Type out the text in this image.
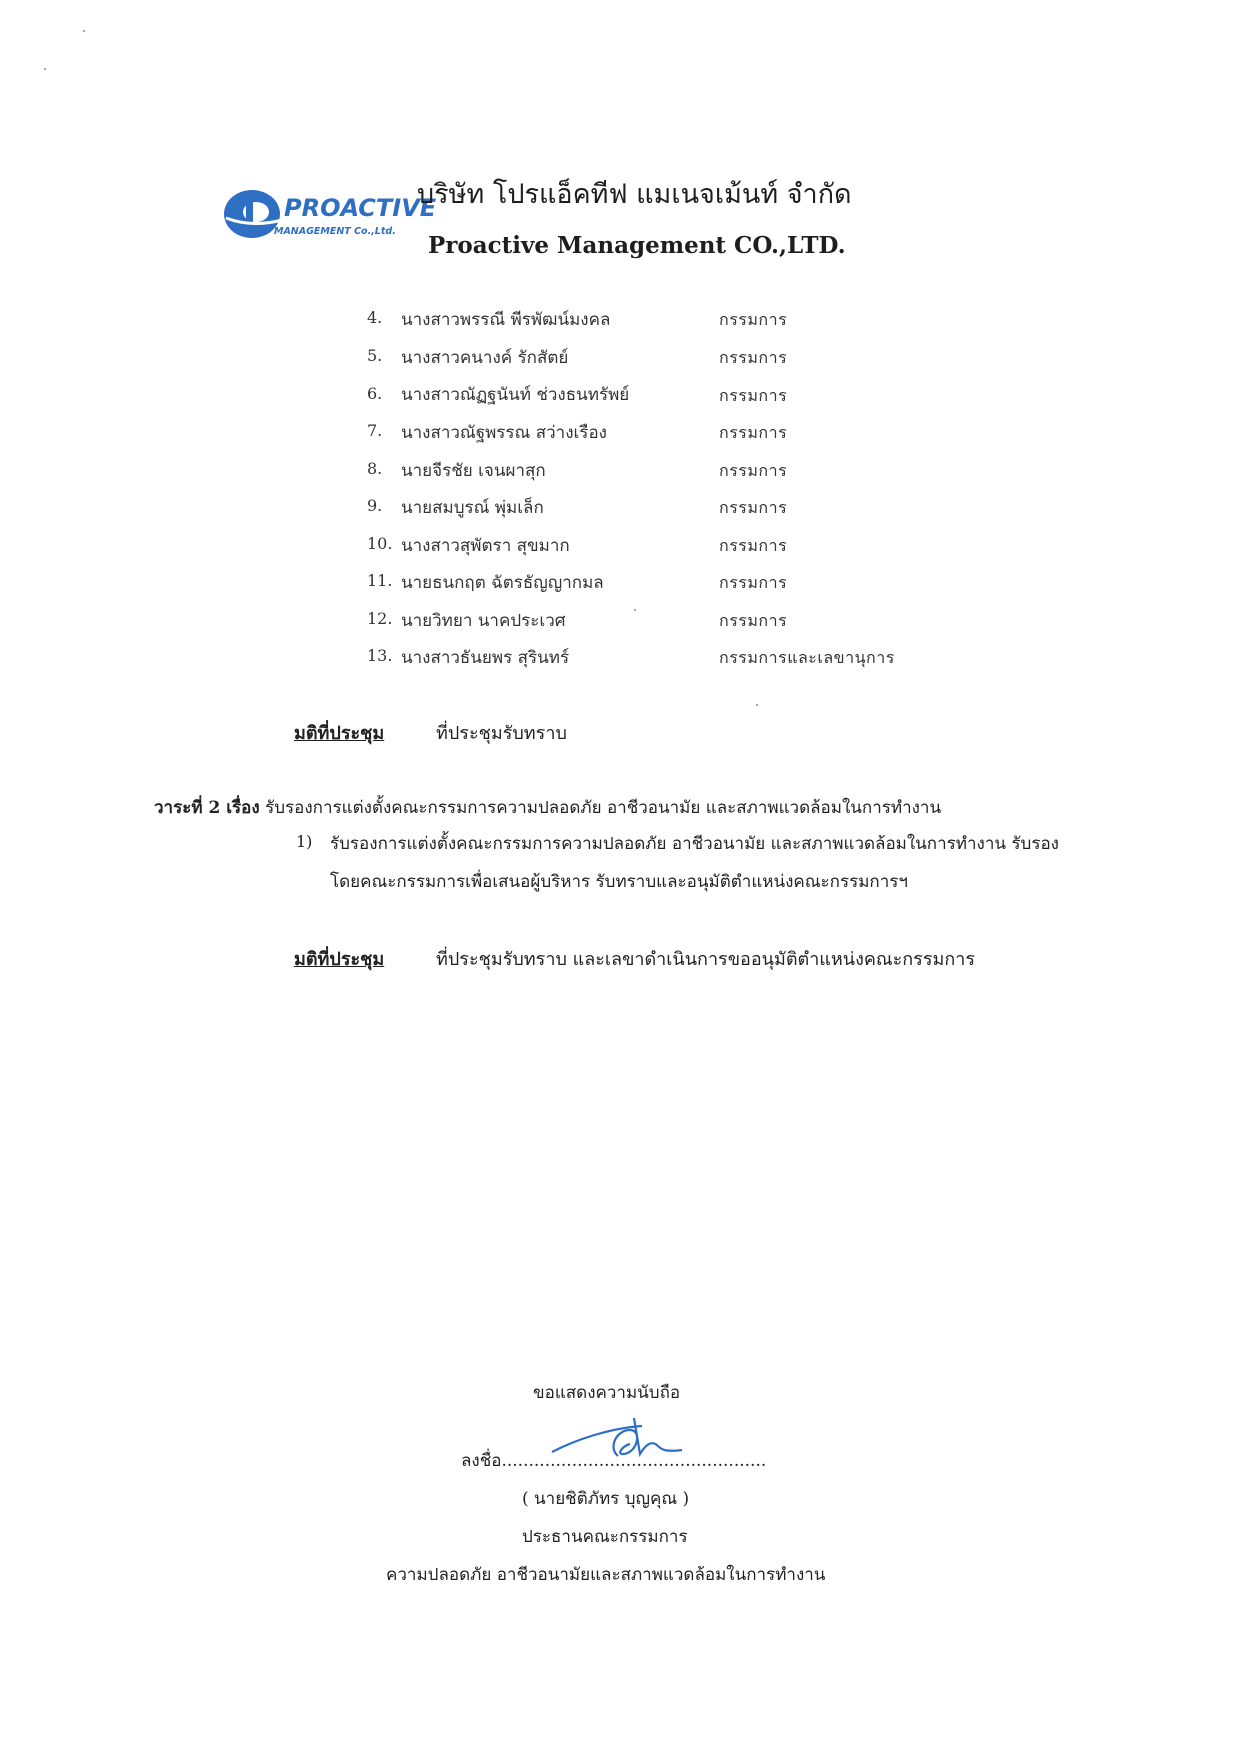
PROACTIVE
MANAGEMENT Co.,Ltd.
บริษัท โปรแอ็คทีฟ แมเนจเม้นท์ จำกัด
Proactive Management CO.,LTD.
4. นางสาวพรรณี พีรพัฒน์มงคล	กรรมการ
5. นางสาวคนางค์ รักสัตย์	กรรมการ
6. นางสาวณัฏฐนันท์ ช่วงธนทรัพย์	กรรมการ
7. นางสาวณัฐพรรณ สว่างเรือง	กรรมการ
8. นายจีรชัย เจนผาสุก	กรรมการ
9. นายสมบูรณ์ พุ่มเล็ก	กรรมการ
10. นางสาวสุพัตรา สุขมาก	กรรมการ
11. นายธนกฤต ฉัตรธัญญากมล	กรรมการ
12. นายวิทยา นาคประเวศ	กรรมการ
13. นางสาวธันยพร สุรินทร์	กรรมการและเลขานุการ
มติที่ประชุม	ที่ประชุมรับทราบ
วาระที่ 2 เรื่อง รับรองการแต่งตั้งคณะกรรมการความปลอดภัย อาชีวอนามัย และสภาพแวดล้อมในการทำงาน
1) รับรองการแต่งตั้งคณะกรรมการความปลอดภัย อาชีวอนามัย และสภาพแวดล้อมในการทำงาน รับรอง
โดยคณะกรรมการเพื่อเสนอผู้บริหาร รับทราบและอนุมัติตำแหน่งคณะกรรมการฯ
มติที่ประชุม	ที่ประชุมรับทราบ และเลขาดำเนินการขออนุมัติตำแหน่งคณะกรรมการ
ขอแสดงความนับถือ
ลงชื่อ.................................................
( นายชิติภัทร บุญคุณ )
ประธานคณะกรรมการ
ความปลอดภัย อาชีวอนามัยและสภาพแวดล้อมในการทำงาน
